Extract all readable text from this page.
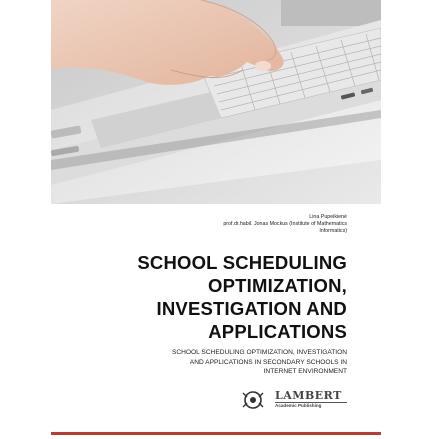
Lina Pupeikienė
prof.dr.habil. Jonas Mockus (Institute of Mathematics
Informatics)
SCHOOL SCHEDULING
OPTIMIZATION,
INVESTIGATION AND
APPLICATIONS
SCHOOL SCHEDULING OPTIMIZATION, INVESTIGATION
AND APPLICATIONS IN SECONDARY SCHOOLS IN
INTERNET ENVIRONMENT
LAMBERT
Academic Publishing
